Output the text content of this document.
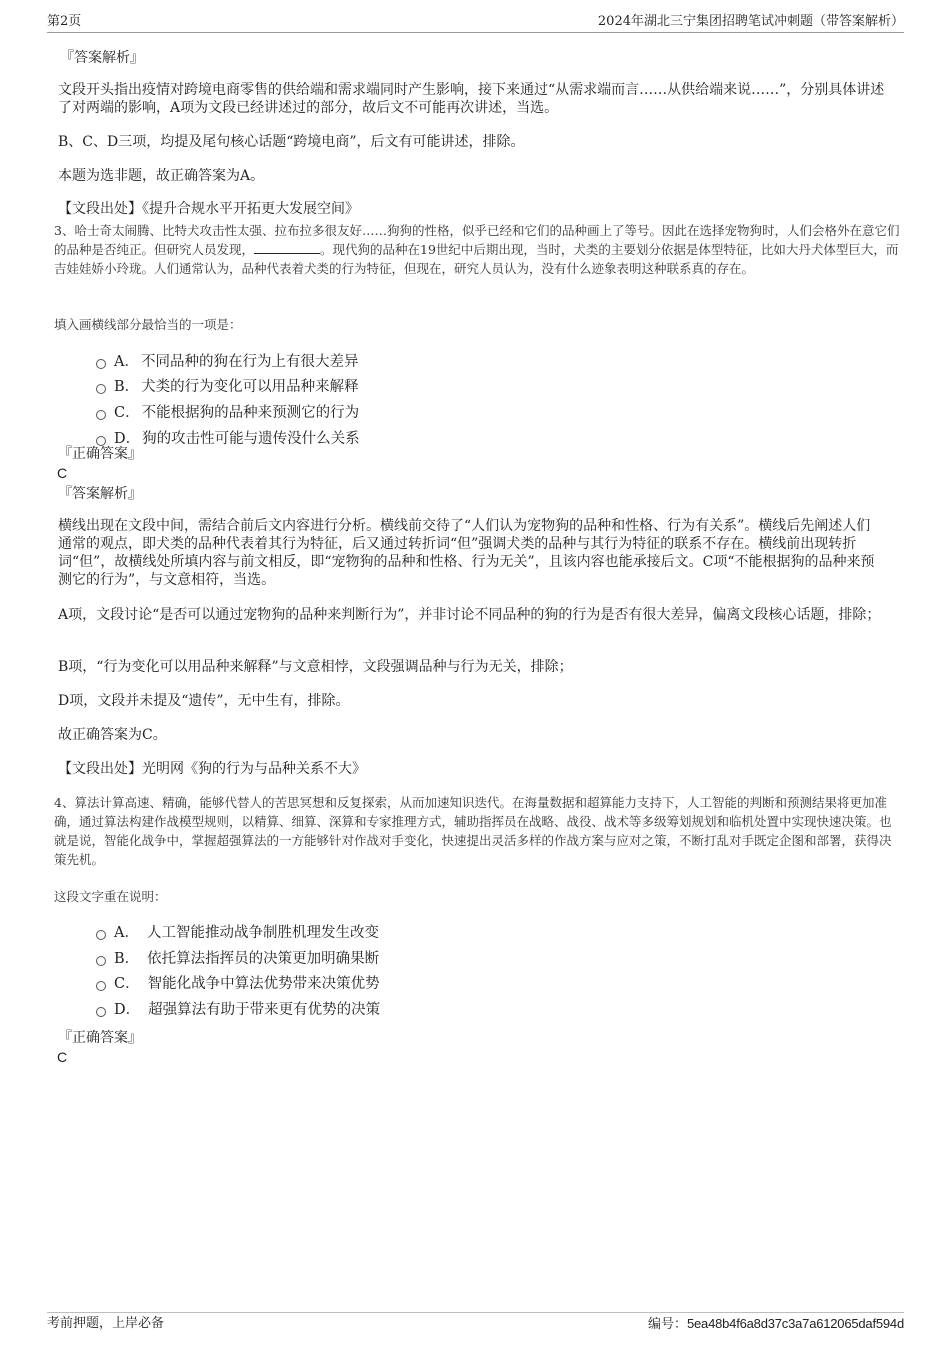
第2页	2024年湖北三宁集团招聘笔试冲刺题（带答案解析）
『答案解析』
文段开头指出疫情对跨境电商零售的供给端和需求端同时产生影响，接下来通过“从需求端而言……从供给端来说……”，分别具体讲述了对两端的影响，A项为文段已经讲述过的部分，故后文不可能再次讲述，当选。
B、C、D三项，均提及尾句核心话题“跨境电商”，后文有可能讲述，排除。
本题为选非题，故正确答案为A。
【文段出处】《提升合规水平开拓更大发展空间》
3、哈士奇太闹腾、比特犬攻击性太强、拉布拉多很友好……狗狗的性格，似乎已经和它们的品种画上了等号。因此在选择宠物狗时，人们会格外在意它们的品种是否纯正。但研究人员发现，	。现代狗的品种在19世纪中后期出现，当时，犬类的主要划分依据是体型特征，比如大丹犬体型巨大，而吉娃娃娇小玲珑。人们通常认为，品种代表着犬类的行为特征，但现在，研究人员认为，没有什么迹象表明这种联系真的存在。
填入画横线部分最恰当的一项是：
A． 不同品种的狗在行为上有很大差异
B． 犬类的行为变化可以用品种来解释
C． 不能根据狗的品种来预测它的行为
D． 狗的攻击性可能与遗传没什么关系
『正确答案』
C
『答案解析』
横线出现在文段中间，需结合前后文内容进行分析。横线前交待了“人们认为宠物狗的品种和性格、行为有关系”。横线后先阐述人们通常的观点，即犬类的品种代表着其行为特征，后又通过转折词“但”强调犬类的品种与其行为特征的联系不存在。横线前出现转折词“但”，故横线处所填内容与前文相反，即“宠物狗的品种和性格、行为无关”，且该内容也能承接后文。C项“不能根据狗的品种来预测它的行为”，与文意相符，当选。
A项，文段讨论“是否可以通过宠物狗的品种来判断行为”，并非讨论不同品种的狗的行为是否有很大差异，偏离文段核心话题，排除；
B项，“行为变化可以用品种来解释”与文意相悖，文段强调品种与行为无关，排除；
D项，文段并未提及“遗传”，无中生有，排除。
故正确答案为C。
【文段出处】光明网《狗的行为与品种关系不大》
4、算法计算高速、精确，能够代替人的苦思冥想和反复探索，从而加速知识迭代。在海量数据和超算能力支持下，人工智能的判断和预测结果将更加准确，通过算法构建作战模型规则，以精算、细算、深算和专家推理方式，辅助指挥员在战略、战役、战术等多级筹划规划和临机处置中实现快速决策。也就是说，智能化战争中，掌握超强算法的一方能够针对作战对手变化，快速提出灵活多样的作战方案与应对之策，不断打乱对手既定企图和部署，获得决策先机。
这段文字重在说明：
A． 人工智能推动战争制胜机理发生改变
B． 依托算法指挥员的决策更加明确果断
C． 智能化战争中算法优势带来决策优势
D． 超强算法有助于带来更有优势的决策
『正确答案』
C
考前押题，上岸必备	编号：5ea48b4f6a8d37c3a7a612065daf594d
